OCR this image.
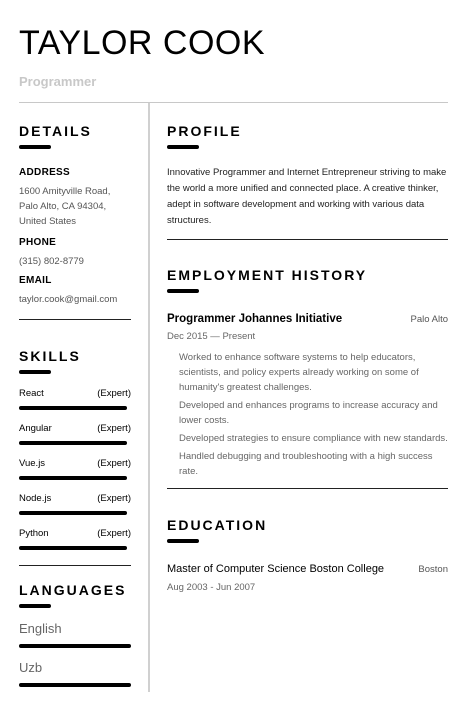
TAYLOR COOK
Programmer
DETAILS
ADDRESS
1600 Amityville Road,
Palo Alto, CA 94304,
United States
PHONE
(315) 802-8779
EMAIL
taylor.cook@gmail.com
SKILLS
React	(Expert)
Angular	(Expert)
Vue.js	(Expert)
Node.js	(Expert)
Python	(Expert)
LANGUAGES
English
Uzb
PROFILE
Innovative Programmer and Internet Entrepreneur striving to make the world a more unified and connected place. A creative thinker, adept in software development and working with various data structures.
EMPLOYMENT HISTORY
Programmer Johannes Initiative	Palo Alto
Dec 2015 — Present
Worked to enhance software systems to help educators, scientists, and policy experts already working on some of humanity's greatest challenges.
Developed and enhances programs to increase accuracy and lower costs.
Developed strategies to ensure compliance with new standards.
Handled debugging and troubleshooting with a high success rate.
EDUCATION
Master of Computer Science Boston College	Boston
Aug 2003 - Jun 2007
